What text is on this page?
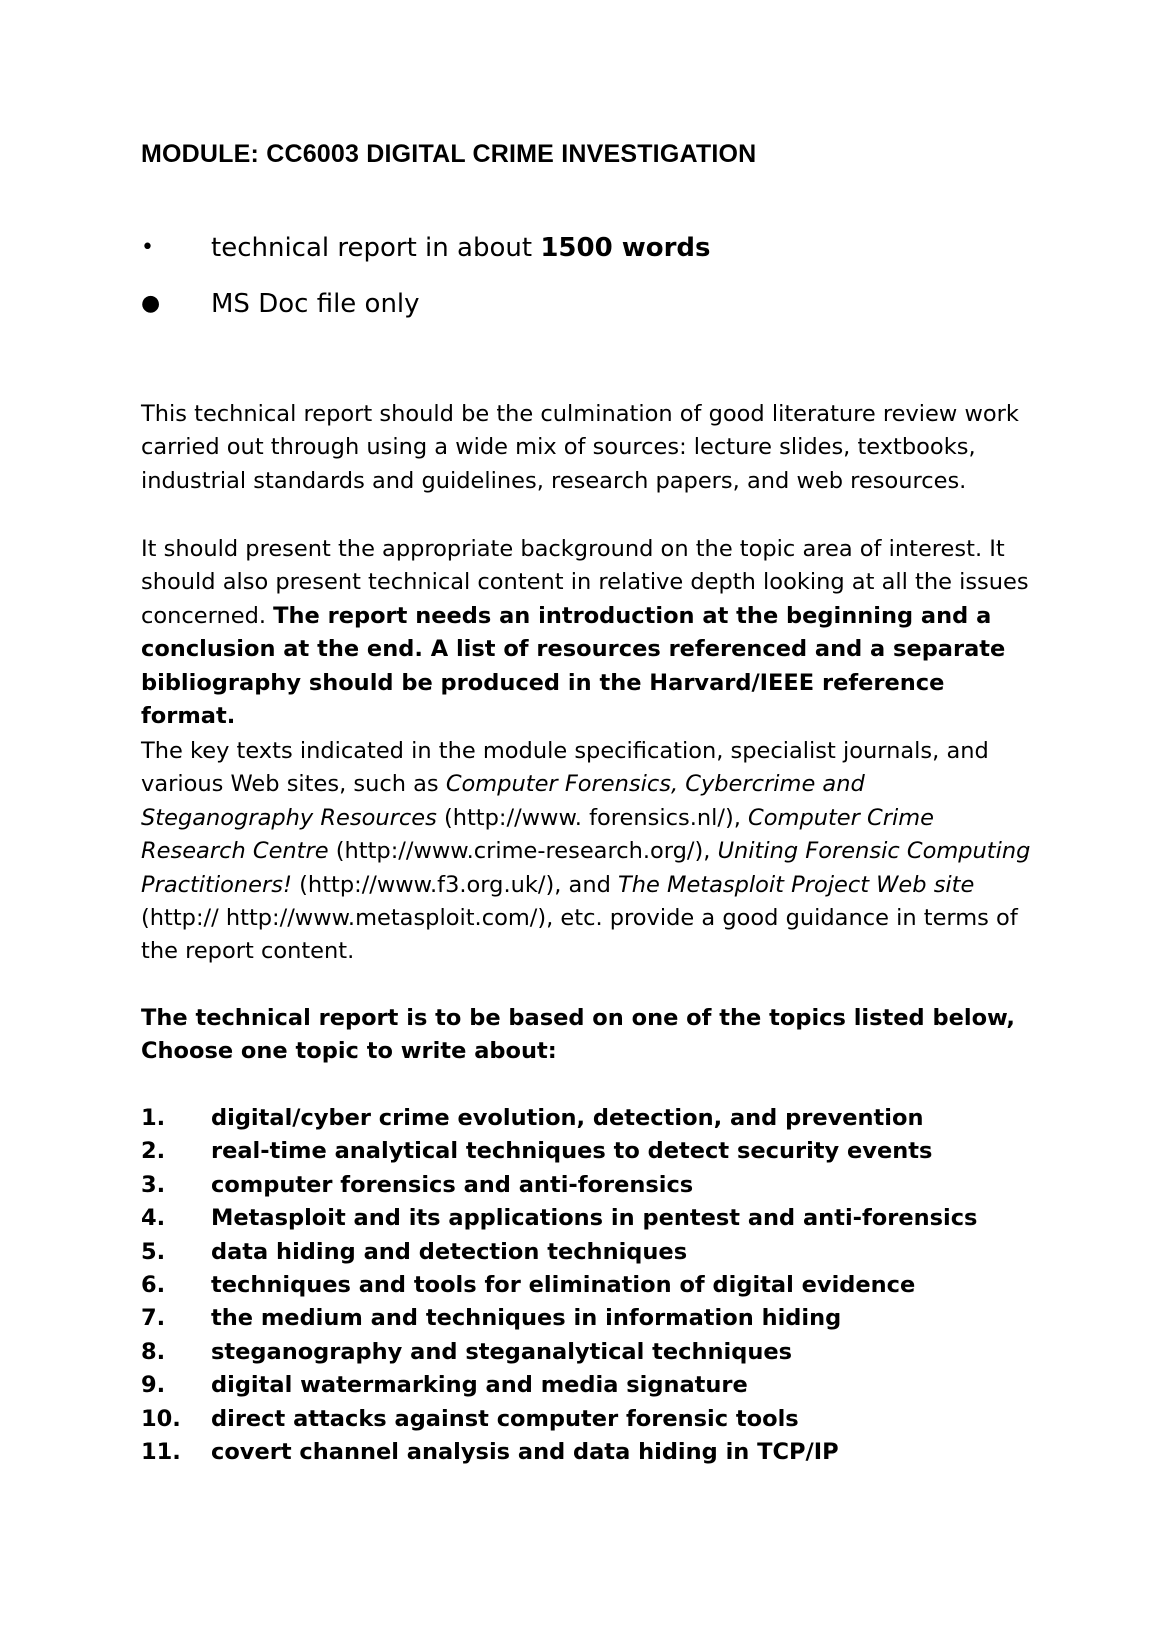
MODULE: CC6003 DIGITAL CRIME INVESTIGATION
•	technical report in about 1500 words
●	MS Doc file only
This technical report should be the culmination of good literature review work carried out through using a wide mix of sources: lecture slides, textbooks, industrial standards and guidelines, research papers, and web resources.
It should present the appropriate background on the topic area of interest. It should also present technical content in relative depth looking at all the issues concerned. The report needs an introduction at the beginning and a conclusion at the end. A list of resources referenced and a separate bibliography should be produced in the Harvard/IEEE reference format.
The key texts indicated in the module specification, specialist journals, and various Web sites, such as Computer Forensics, Cybercrime and Steganography Resources (http://www. forensics.nl/), Computer Crime Research Centre (http://www.crime-research.org/), Uniting Forensic Computing Practitioners! (http://www.f3.org.uk/), and The Metasploit Project Web site (http:// http://www.metasploit.com/), etc. provide a good guidance in terms of the report content.
The technical report is to be based on one of the topics listed below, Choose one topic to write about:
1. digital/cyber crime evolution, detection, and prevention
2. real-time analytical techniques to detect security events
3. computer forensics and anti-forensics
4. Metasploit and its applications in pentest and anti-forensics
5. data hiding and detection techniques
6. techniques and tools for elimination of digital evidence
7. the medium and techniques in information hiding
8. steganography and steganalytical techniques
9. digital watermarking and media signature
10. direct attacks against computer forensic tools
11. covert channel analysis and data hiding in TCP/IP
